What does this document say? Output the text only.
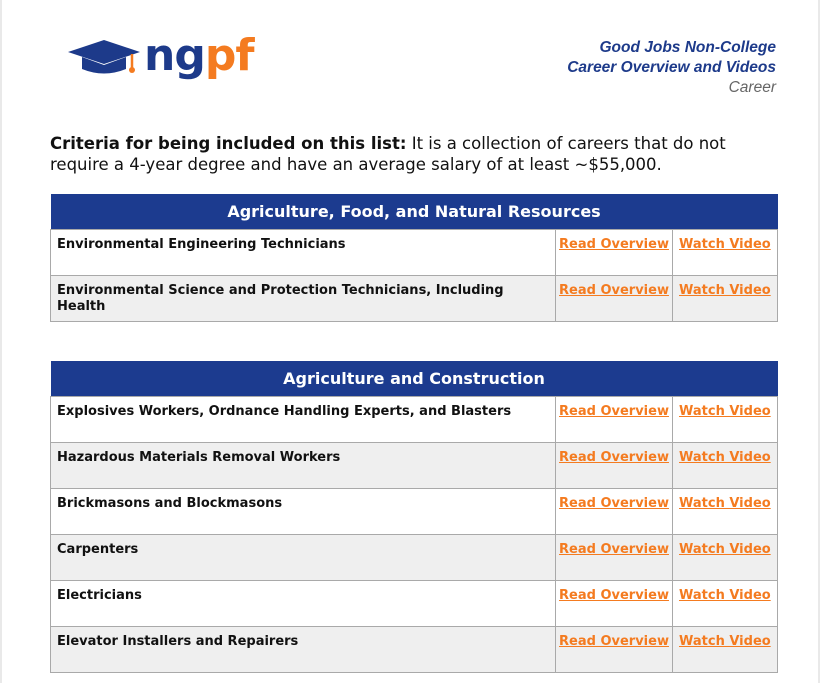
ngpf	Good Jobs Non-College
Career Overview and Videos
Career
Criteria for being included on this list: It is a collection of careers that do not require a 4-year degree and have an average salary of at least ~$55,000.
Agriculture, Food, and Natural Resources		
Environmental Engineering Technicians	Read Overview	Watch Video
Environmental Science and Protection Technicians, Including Health	Read Overview	Watch Video
Agriculture and Construction		
Explosives Workers, Ordnance Handling Experts, and Blasters	Read Overview	Watch Video
Hazardous Materials Removal Workers	Read Overview	Watch Video
Brickmasons and Blockmasons	Read Overview	Watch Video
Carpenters	Read Overview	Watch Video
Electricians	Read Overview	Watch Video
Elevator Installers and Repairers	Read Overview	Watch Video
